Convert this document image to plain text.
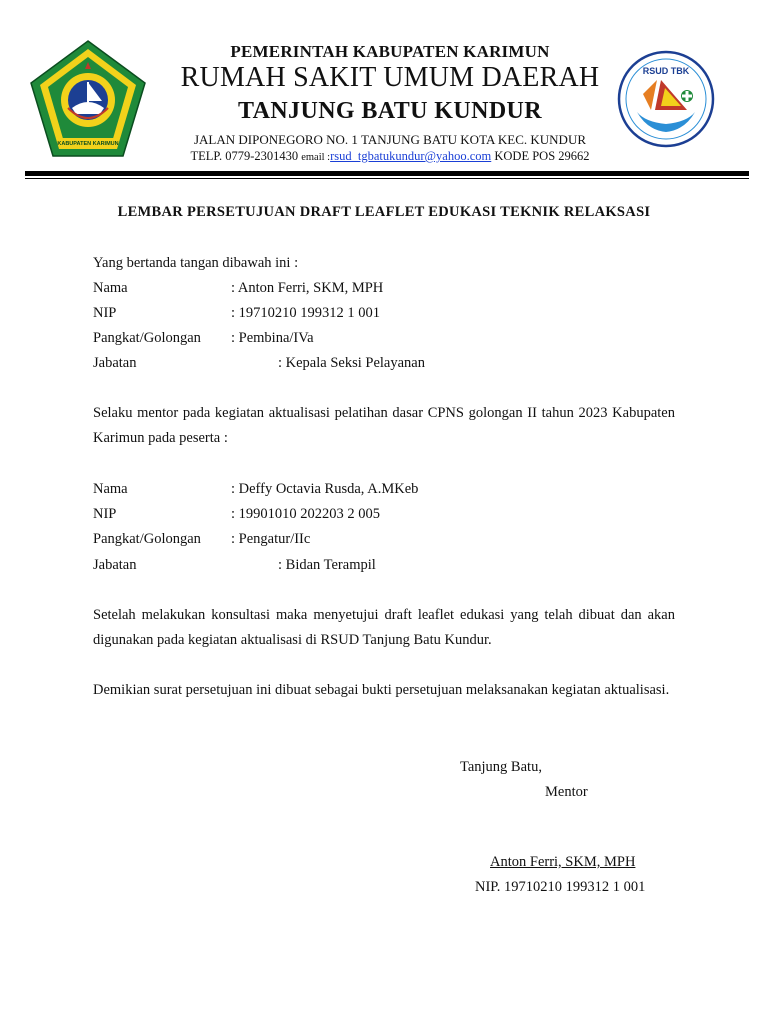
KABUPATEN KARIMUN
RSUD TBK
PEMERINTAH KABUPATEN KARIMUN
RUMAH SAKIT UMUM DAERAH
TANJUNG BATU KUNDUR
JALAN DIPONEGORO NO. 1 TANJUNG BATU KOTA KEC. KUNDUR
TELP. 0779-2301430 email :rsud_tgbatukundur@yahoo.com KODE POS 29662
LEMBAR PERSETUJUAN DRAFT LEAFLET EDUKASI TEKNIK RELAKSASI
Yang bertanda tangan dibawah ini :
Nama	: Anton Ferri, SKM, MPH
NIP	: 19710210 199312 1 001
Pangkat/Golongan : Pembina/IVa
Jabatan	: Kepala Seksi Pelayanan
Selaku mentor pada kegiatan aktualisasi pelatihan dasar CPNS golongan II tahun 2023 Kabupaten Karimun pada peserta :
Nama	: Deffy Octavia Rusda, A.MKeb
NIP	: 19901010 202203 2 005
Pangkat/Golongan : Pengatur/IIc
Jabatan	: Bidan Terampil
Setelah melakukan konsultasi maka menyetujui draft leaflet edukasi yang telah dibuat dan akan digunakan pada kegiatan aktualisasi di RSUD Tanjung Batu Kundur.
Demikian surat persetujuan ini dibuat sebagai bukti persetujuan melaksanakan kegiatan aktualisasi.
Tanjung Batu,
Mentor
Anton Ferri, SKM, MPH
NIP. 19710210 199312 1 001
